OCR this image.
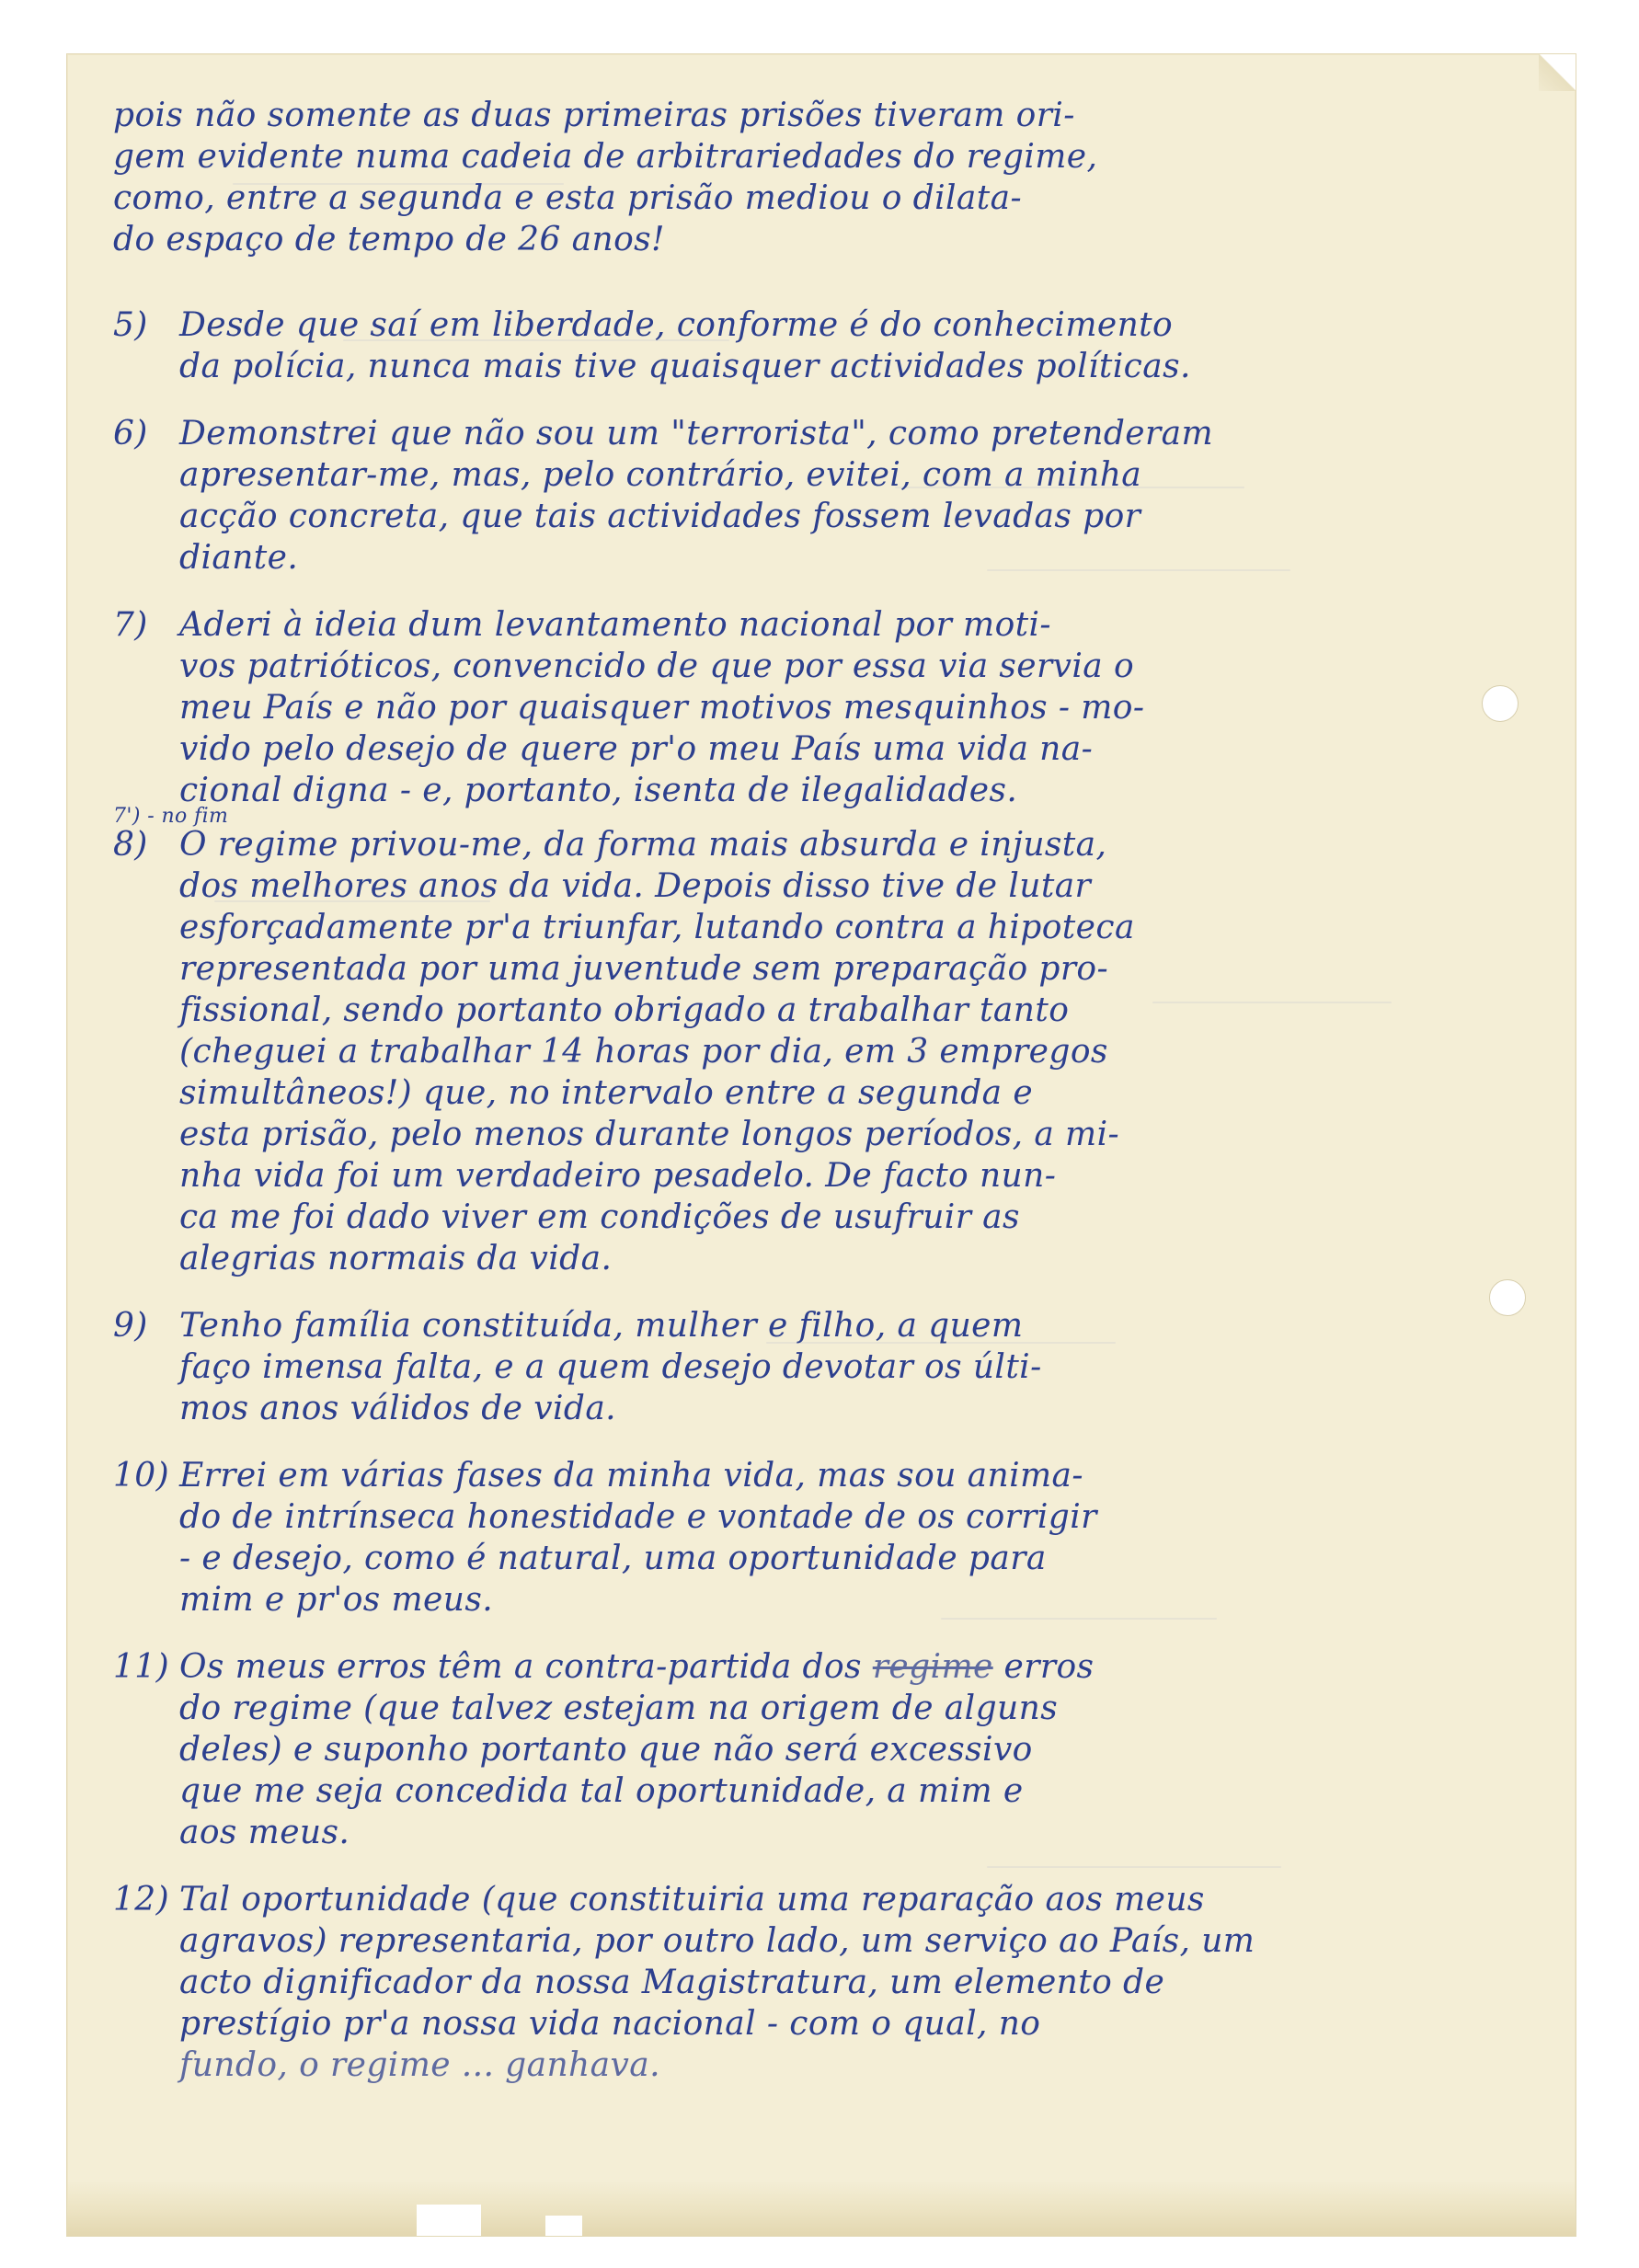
pois não somente as duas primeiras prisões tiveram ori-
gem evidente numa cadeia de arbitrariedades do regime,
como, entre a segunda e esta prisão mediou o dilata-
do espaço de tempo de 26 anos!
5) Desde que saí em liberdade, conforme é do conhecimento
da polícia, nunca mais tive quaisquer actividades políticas.
6) Demonstrei que não sou um "terrorista", como pretenderam
apresentar-me, mas, pelo contrário, evitei, com a minha
acção concreta, que tais actividades fossem levadas por
diante.
7) Aderi à ideia dum levantamento nacional por moti-
vos patrióticos, convencido de que por essa via servia o
meu País e não por quaisquer motivos mesquinhos - mo-
vido pelo desejo de quere pr'o meu País uma vida na-
cional digna - e, portanto, isenta de ilegalidades.
7') - no fim
8) O regime privou-me, da forma mais absurda e injusta,
dos melhores anos da vida. Depois disso tive de lutar
esforçadamente pr'a triunfar, lutando contra a hipoteca
representada por uma juventude sem preparação pro-
fissional, sendo portanto obrigado a trabalhar tanto
(cheguei a trabalhar 14 horas por dia, em 3 empregos
simultâneos!) que, no intervalo entre a segunda e
esta prisão, pelo menos durante longos períodos, a mi-
nha vida foi um verdadeiro pesadelo. De facto nun-
ca me foi dado viver em condições de usufruir as
alegrias normais da vida.
9) Tenho família constituída, mulher e filho, a quem
faço imensa falta, e a quem desejo devotar os últi-
mos anos válidos de vida.
10) Errei em várias fases da minha vida, mas sou anima-
do de intrínseca honestidade e vontade de os corrigir
- e desejo, como é natural, uma oportunidade para
mim e pr'os meus.
11) Os meus erros têm a contra-partida dos regime erros
do regime (que talvez estejam na origem de alguns
deles) e suponho portanto que não será excessivo
que me seja concedida tal oportunidade, a mim e
aos meus.
12) Tal oportunidade (que constituiria uma reparação aos meus
agravos) representaria, por outro lado, um serviço ao País, um
acto dignificador da nossa Magistratura, um elemento de
prestígio pr'a nossa vida nacional - com o qual, no
fundo, o regime ... ganhava.
